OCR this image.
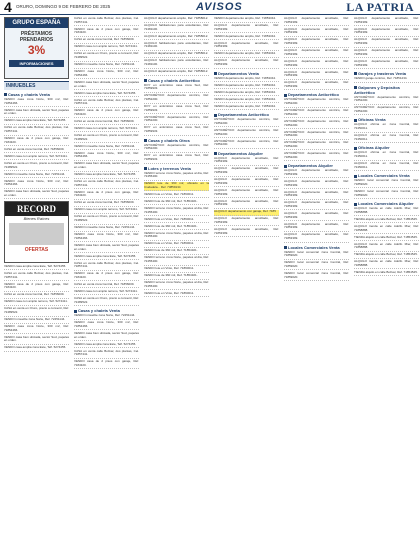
4 ORURO, DOMINGO 9 DE FEBRERO DE 2025	AVISOS	LA PATRIA
GRUPO ESPAÑA
PRÉSTAMOS
PRENDARIOS
3%
INFORMACIONES
INMUEBLES
Casas y chalets Venta
VENDO casa zona Norte, 300 m2, Ref. 71854466.
VENDO casa bien ubicada, sector Sud, papeles en orden.
VENDO casa amplia zona Este, Telf. 5274455.
CASA en venta calle Bolívar, dos plantas, Cel. 71857441.
VENDO casa de 2 pisos con garaje, Ref. 7184320.
CASA en venta zona Central, Ref. 71856009.
VENDO casa con amplio terreno, Telf. 5274411.
CASA en venta en Oruro, precio a convenir, Ref. 72489522.
VENDO inmueble zona Norte, Ref. 72451144.
VENDO casa zona Norte, 300 m2, Ref. 71854466.
VENDO casa bien ubicada, sector Sud, papeles en orden.
RECORD
Bienes Raíces
OFERTAS
VENDO casa amplia zona Este, Telf. 5274455.
CASA en venta calle Bolívar, dos plantas, Cel. 71857441.
VENDO casa de 2 pisos con garaje, Ref. 7184320.
CASA en venta zona Central, Ref. 71856009.
VENDO casa con amplio terreno, Telf. 5274411.
CASA en venta en Oruro, precio a convenir, Ref. 72489522.
VENDO inmueble zona Norte, Ref. 72451144.
VENDO casa zona Norte, 300 m2, Ref. 71854466.
VENDO casa bien ubicada, sector Sud, papeles en orden.
VENDO casa amplia zona Este, Telf. 5274455.
CASA en venta calle Bolívar, dos plantas, Cel. 71857441.
VENDO casa de 2 pisos con garaje, Ref. 7184320.
CASA en venta zona Central, Ref. 71856009.
VENDO casa con amplio terreno, Telf. 5274411.
CASA en venta en Oruro, precio a convenir, Ref. 72489522.
VENDO inmueble zona Norte, Ref. 72451144.
VENDO casa zona Norte, 300 m2, Ref. 71854466.
VENDO casa bien ubicada, sector Sud, papeles en orden.
VENDO casa amplia zona Este, Telf. 5274455.
CASA en venta calle Bolívar, dos plantas, Cel. 71857441.
VENDO casa de 2 pisos con garaje, Ref. 7184320.
CASA en venta zona Central, Ref. 71856009.
VENDO casa con amplio terreno, Telf. 5274411.
CASA en venta en Oruro, precio a convenir, Ref. 72489522.
VENDO inmueble zona Norte, Ref. 72451144.
VENDO casa zona Norte, 300 m2, Ref. 71854466.
VENDO casa bien ubicada, sector Sud, papeles en orden.
VENDO casa amplia zona Este, Telf. 5274455.
CASA en venta calle Bolívar, dos plantas, Cel. 71857441.
VENDO casa de 2 pisos con garaje, Ref. 7184320.
CASA en venta zona Central, Ref. 71856009.
VENDO casa con amplio terreno, Telf. 5274411.
CASA en venta en Oruro, precio a convenir, Ref. 72489522.
VENDO inmueble zona Norte, Ref. 72451144.
VENDO casa zona Norte, 300 m2, Ref. 71854466.
VENDO casa bien ubicada, sector Sud, papeles en orden.
VENDO casa amplia zona Este, Telf. 5274455.
CASA en venta calle Bolívar, dos plantas, Cel. 71857441.
VENDO casa de 2 pisos con garaje, Ref. 7184320.
CASA en venta zona Central, Ref. 71856009.
VENDO casa con amplio terreno, Telf. 5274411.
CASA en venta en Oruro, precio a convenir, Ref. 72489522.
Casas y chalets Venta
VENDO inmueble zona Norte, Ref. 72451144.
VENDO casa zona Norte, 300 m2, Ref. 71854466.
VENDO casa bien ubicada, sector Sud, papeles en orden.
VENDO casa amplia zona Este, Telf. 5274455.
CASA en venta calle Bolívar, dos plantas, Cel. 71857441.
VENDO casa de 2 pisos con garaje, Ref. 7184320.
ALQUILO departamento amplio, Ref. 71858012.
ALQUILO habitaciones para estudiantes, Ref. 72481100.
ALQUILO departamento amplio, Ref. 71858012.
ALQUILO habitaciones para estudiantes, Ref. 72481100.
ALQUILO departamento amplio, Ref. 71858012.
ALQUILO habitaciones para estudiantes, Ref. 72481100.
ALQUILO departamento amplio, Ref. 71858012.
Casas y chalets Anticrético
DOY en anticrético casa zona Sud, Ref. 71859933.
ANTICRÉTICO departamento céntrico, Ref. 71852200.
DOY en anticrético casa zona Sud, Ref. 71859933.
ANTICRÉTICO departamento céntrico, Ref. 71852200.
DOY en anticrético casa zona Sud, Ref. 71859933.
Casas y chalets Otros
ANTICRÉTICO departamento céntrico, Ref. 71852200.
DOY en anticrético casa zona Sud, Ref. 71859933.
Lotes y terrenos Venta
VENDO terreno zona Norte, papeles al día, Ref. 72455400.
VENDO lote de 360 m2, ubicado en la Ciudadela... Ref. 73859134
VENDO lote en Vinto, Ref. 71860011.
VENDO lote de 360 m2, Ref. 71854321.
VENDO terreno zona Norte, papeles al día, Ref. 72455400.
VENDO lote en Vinto, Ref. 71860011.
VENDO lote de 360 m2, Ref. 71854321.
VENDO terreno zona Norte, papeles al día, Ref. 72455400.
VENDO lote en Vinto, Ref. 71860011.
VENDO lote de 360 m2, Ref. 71854321.
VENDO terreno zona Norte, papeles al día, Ref. 72455400.
VENDO lote en Vinto, Ref. 71860011.
VENDO lote de 360 m2, Ref. 71854321.
VENDO terreno zona Norte, papeles al día, Ref. 72455400.
VENDO lote en Vinto, Ref. 71860011.
VENDO departamento amplio, Ref. 71853344.
ALQUILO departamento amoblado, Ref. 71853399.
VENDO departamento amplio, Ref. 71853344.
ALQUILO departamento amoblado, Ref. 71853399.
VENDO departamento amplio, Ref. 71853344.
ALQUILO departamento amoblado, Ref. 71853399.
Departamentos Venta
VENDO departamento amplio, Ref. 71853344.
VENDO departamento amplio, Ref. 71853344.
VENDO departamento amplio, Ref. 71853344.
VENDO departamento amplio, Ref. 71853344.
VENDO departamento amplio, Ref. 71853344.
Departamentos Anticrético
ANTICRÉTICO departamento céntrico, Ref. 71852200.
ANTICRÉTICO departamento céntrico, Ref. 71852200.
ANTICRÉTICO departamento céntrico, Ref. 71852200.
Departamentos Alquiler
ALQUILO departamento amoblado, Ref. 71853399.
ALQUILO departamento amoblado, Ref. 71853399.
ALQUILO departamento amoblado, Ref. 71853399.
ALQUILO departamento amoblado, Ref. 71853399.
ALQUILO departamento amoblado, Ref. 71853399.
ALQUILO departamento con garaje, Ref. 7185
ALQUILO departamento amoblado, Ref. 71853399.
ALQUILO departamento amoblado, Ref. 71853399.
ALQUILO departamento amoblado, Ref. 71853399.
ALQUILO departamento amoblado, Ref. 71853399.
ALQUILO departamento amoblado, Ref. 71853399.
ALQUILO departamento amoblado, Ref. 71853399.
ALQUILO departamento amoblado, Ref. 71853399.
ALQUILO departamento amoblado, Ref. 71853399.
ALQUILO departamento amoblado, Ref. 71853399.
Departamentos Anticrético
ANTICRÉTICO departamento céntrico, Ref. 71852200.
ANTICRÉTICO departamento céntrico, Ref. 71852200.
ANTICRÉTICO departamento céntrico, Ref. 71852200.
ANTICRÉTICO departamento céntrico, Ref. 71852200.
ANTICRÉTICO departamento céntrico, Ref. 71852200.
ANTICRÉTICO departamento céntrico, Ref. 71852200.
Departamentos Alquiler
ALQUILO departamento amoblado, Ref. 71853399.
ALQUILO departamento amoblado, Ref. 71853399.
ALQUILO departamento amoblado, Ref. 71853399.
ALQUILO departamento amoblado, Ref. 71853399.
ALQUILO departamento amoblado, Ref. 71853399.
ALQUILO departamento amoblado, Ref. 71853399.
ALQUILO departamento amoblado, Ref. 71853399.
Locales Comerciales Venta
VENDO local comercial zona Central, Ref. 71859020.
VENDO local comercial zona Central, Ref. 71859020.
VENDO local comercial zona Central, Ref. 71859020.
ALQUILO departamento amoblado, Ref. 71853399.
ALQUILO departamento amoblado, Ref. 71853399.
ALQUILO departamento amoblado, Ref. 71853399.
ALQUILO departamento amoblado, Ref. 71853399.
ALQUILO departamento amoblado, Ref. 71853399.
Garajes y trasteros Venta
VENDO garaje céntrico, Ref. 71851234.
Galpones y Depósitos Anticrético
ANTICRÉTICO departamento céntrico, Ref. 71852200.
ANTICRÉTICO departamento céntrico, Ref. 71852200.
Oficinas Venta
ALQUILO oficina en zona Central, Ref. 72450011.
ALQUILO oficina en zona Central, Ref. 72450011.
Oficinas Alquiler
ALQUILO oficina en zona Central, Ref. 72450011.
ALQUILO oficina en zona Central, Ref. 72450011.
Locales Comerciales Venta
VENDO local comercial zona Central, Ref. 71859020.
VENDO local comercial zona Central, Ref. 71859020.
Locales Comerciales Alquiler
ALQUILO tienda en calle Adolfo Mier, Ref. 71858888.
TIENDA alquilo en calle Bolívar, Ref. 71854545.
ALQUILO tienda en calle Adolfo Mier, Ref. 71858888.
TIENDA alquilo en calle Bolívar, Ref. 71854545.
ALQUILO tienda en calle Adolfo Mier, Ref. 71858888.
TIENDA alquilo en calle Bolívar, Ref. 71854545.
ALQUILO tienda en calle Adolfo Mier, Ref. 71858888.
TIENDA alquilo en calle Bolívar, Ref. 71854545.
